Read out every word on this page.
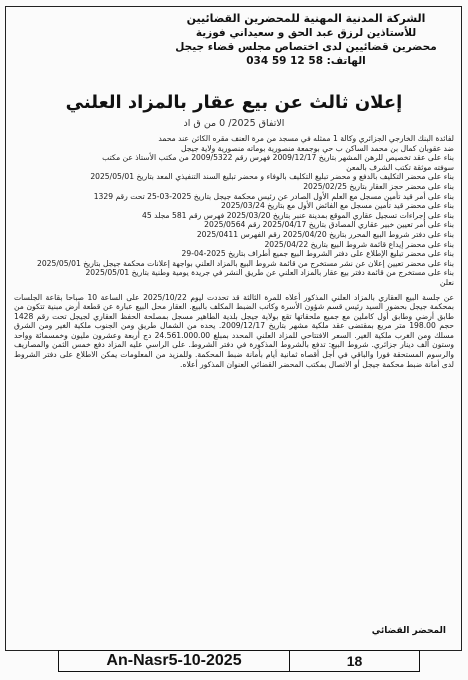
الشركة المدنية المهنية للمحضرين القضائيين
للأستاذين لرزق عبد الحق و سعيداني فوزية
محضرين قضائيين لدى اختصاص مجلس قضاء جيجل
الهاتف: 58 12 59 034
إعلان ثالث عن بيع عقار بالمزاد العلني
الاتفاق 2025/ 0 من ق اد

لفائدة البنك الخارجي الجزائري وكالة 1 ممثله في مسجد من مرة العنف مقره الكائن عند محمد

ضد عقوبان كمال بن محمد الساكن ب حي بوجمعة منصورية بوماته منصورية ولاية جيجل

بناء على عقد تخصيص للرهن المشهر بتاريخ 2009/12/17 فهرس رقم 2009/5322 من مكتب الأستاذ عن مكتب

سوفته موثقة تكتب الشرف بالمعن

بناء على محضر التكليف بالدفع و محضر تبليغ التكليف بالوفاء و محضر تبليغ السند التنفيذي المعد بتاريخ 2025/05/01

بناء على محضر حجز العقار بتاريخ 2025/02/25

بناء على أمر قيد تأمين مسجل مع العلم الأول الصادر عن رئيس محكمة جيجل بتاريخ 2025-03-25 تحت رقم 1329

بناء على محضر قيد تأمين مسجل مع الفائض الأول مع بتاريخ 2025/03/24

بناء على إجراءات تسجيل عقاري الموقع بمدينة عنبر بتاريخ 2025/03/20 فهرس رقم 581 مجلد 45

بناء على أمر تعيين خبير عقاري المصادق بتاريخ 2025/04/17 رقم 2025/0564

بناء على دفتر شروط البيع المحرر بتاريخ 2025/04/20 رقم الفهرس 2025/0411

بناء على محضر إيداع قائمة شروط البيع بتاريخ 2025/04/22

بناء على محضر تبليغ الإطلاع على دفتر الشروط البيع جميع أطراف بتاريخ 2025-04-29

بناء على محضر تعيين إعلان عن نشر مستخرج من قائمة شروط البيع بالمزاد العلني بواجهة إعلانات محكمة جيجل بتاريخ 2025/05/01

بناء على مستخرج من قائمة دفتر بيع عقار بالمزاد العلني عن طريق النشر في جريدة يومية وطنية بتاريخ 2025/05/01

نعلن

عن جلسة البيع العقاري بالمزاد العلني المذكور أعلاه للمرة الثالثة قد تحددت ليوم 2025/10/22 على الساعة 10 صباحا بقاعة الجلسات بمحكمة جيجل بحضور السيد رئيس قسم شؤون الأسرة وكاتب الضبط المكلف بالبيع. العقار محل البيع عبارة عن قطعة أرض مبنية تتكون من طابق أرضي وطابق أول كاملين مع جميع ملحقاتها تقع بولاية جيجل بلدية الطاهير مسجل بمصلحة الحفظ العقاري لجيجل تحت رقم 1428 حجم 198.00 متر مربع بمقتضى عقد ملكية مشهر بتاريخ 2009/12/17. يحده من الشمال طريق ومن الجنوب ملكية الغير ومن الشرق مسلك ومن الغرب ملكية الغير. السعر الافتتاحي للمزاد العلني المحدد بمبلغ 24.561.000.00 دج أربعة وعشرون مليون وخمسمائة وواحد وستون ألف دينار جزائري. شروط البيع: تدفع بالشروط المذكورة في دفتر الشروط. على الراسي عليه المزاد دفع خمس الثمن والمصاريف والرسوم المستحقة فورا والباقي في أجل أقصاه ثمانية أيام بأمانة ضبط المحكمة. وللمزيد من المعلومات يمكن الاطلاع على دفتر الشروط لدى أمانة ضبط محكمة جيجل أو الاتصال بمكتب المحضر القضائي العنوان المذكور أعلاه.

المحضر القضائي
An-Nasr5-10-2025	18
